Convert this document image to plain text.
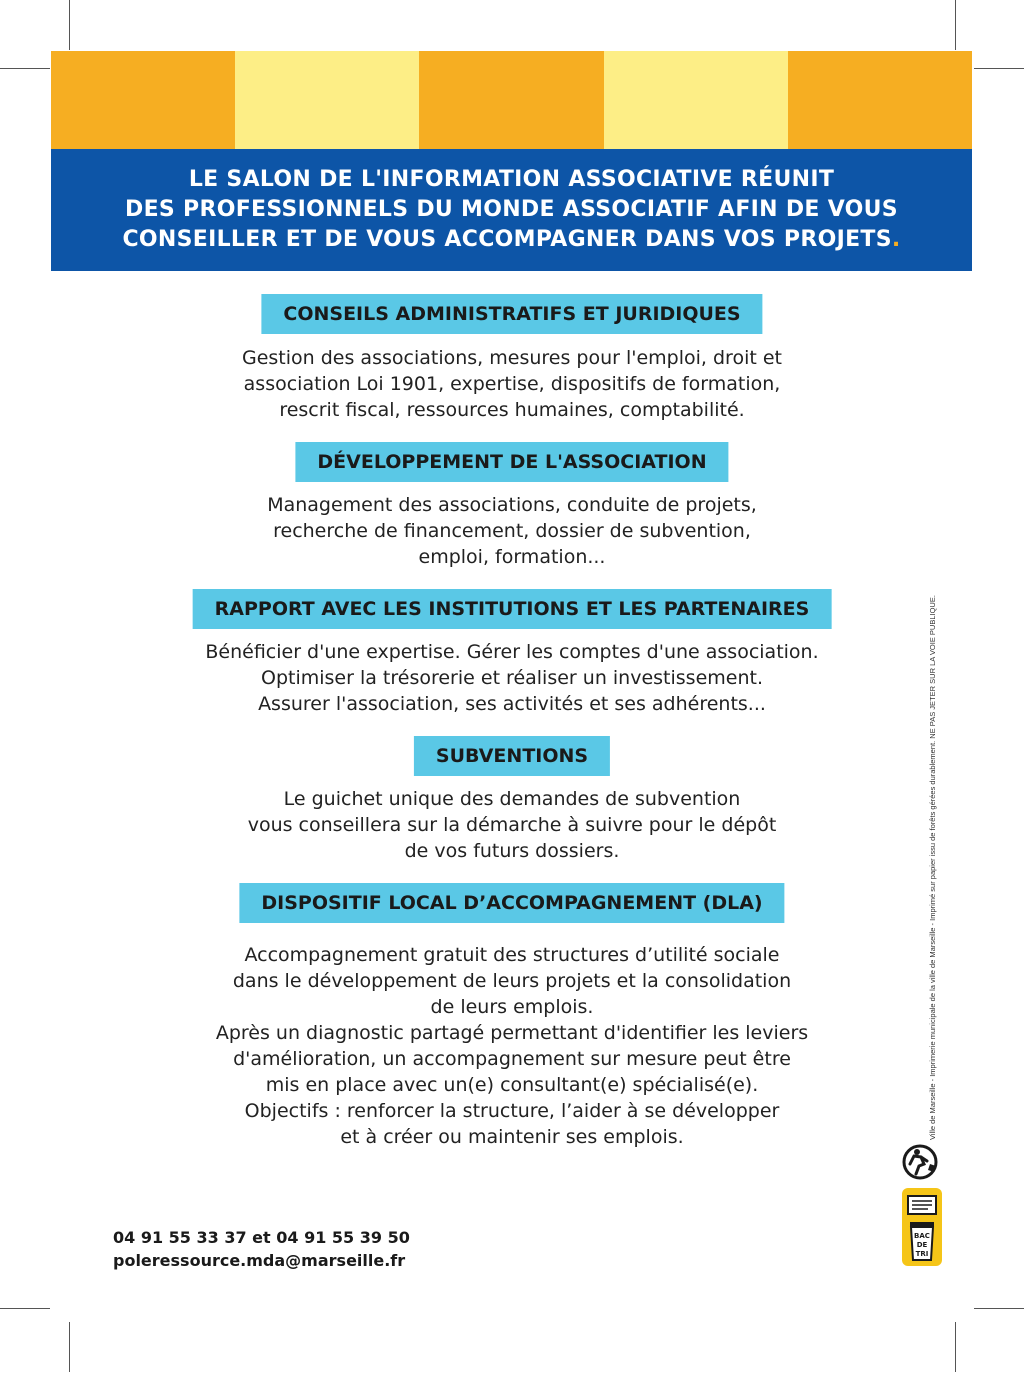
LE SALON DE L'INFORMATION ASSOCIATIVE RÉUNIT
DES PROFESSIONNELS DU MONDE ASSOCIATIF AFIN DE VOUS
CONSEILLER ET DE VOUS ACCOMPAGNER DANS VOS PROJETS.
CONSEILS ADMINISTRATIFS ET JURIDIQUES
Gestion des associations, mesures pour l'emploi, droit et
association Loi 1901, expertise, dispositifs de formation,
rescrit fiscal, ressources humaines, comptabilité.
DÉVELOPPEMENT DE L'ASSOCIATION
Management des associations, conduite de projets,
recherche de financement, dossier de subvention,
emploi, formation...
RAPPORT AVEC LES INSTITUTIONS ET LES PARTENAIRES
Bénéficier d'une expertise. Gérer les comptes d'une association.
Optimiser la trésorerie et réaliser un investissement.
Assurer l'association, ses activités et ses adhérents...
SUBVENTIONS
Le guichet unique des demandes de subvention
vous conseillera sur la démarche à suivre pour le dépôt
de vos futurs dossiers.
DISPOSITIF LOCAL D’ACCOMPAGNEMENT (DLA)
Accompagnement gratuit des structures d’utilité sociale
dans le développement de leurs projets et la consolidation
de leurs emplois.
Après un diagnostic partagé permettant d'identifier les leviers
d'amélioration, un accompagnement sur mesure peut être
mis en place avec un(e) consultant(e) spécialisé(e).
Objectifs : renforcer la structure, l’aider à se développer
et à créer ou maintenir ses emplois.
04 91 55 33 37 et 04 91 55 39 50
poleressource.mda@marseille.fr
Ville de Marseille - Imprimerie municipale de la ville de Marseille - Imprimé sur papier issu de forêts gérées durablement. NE PAS JETER SUR LA VOIE PUBLIQUE.

BAC
DE
TRI
